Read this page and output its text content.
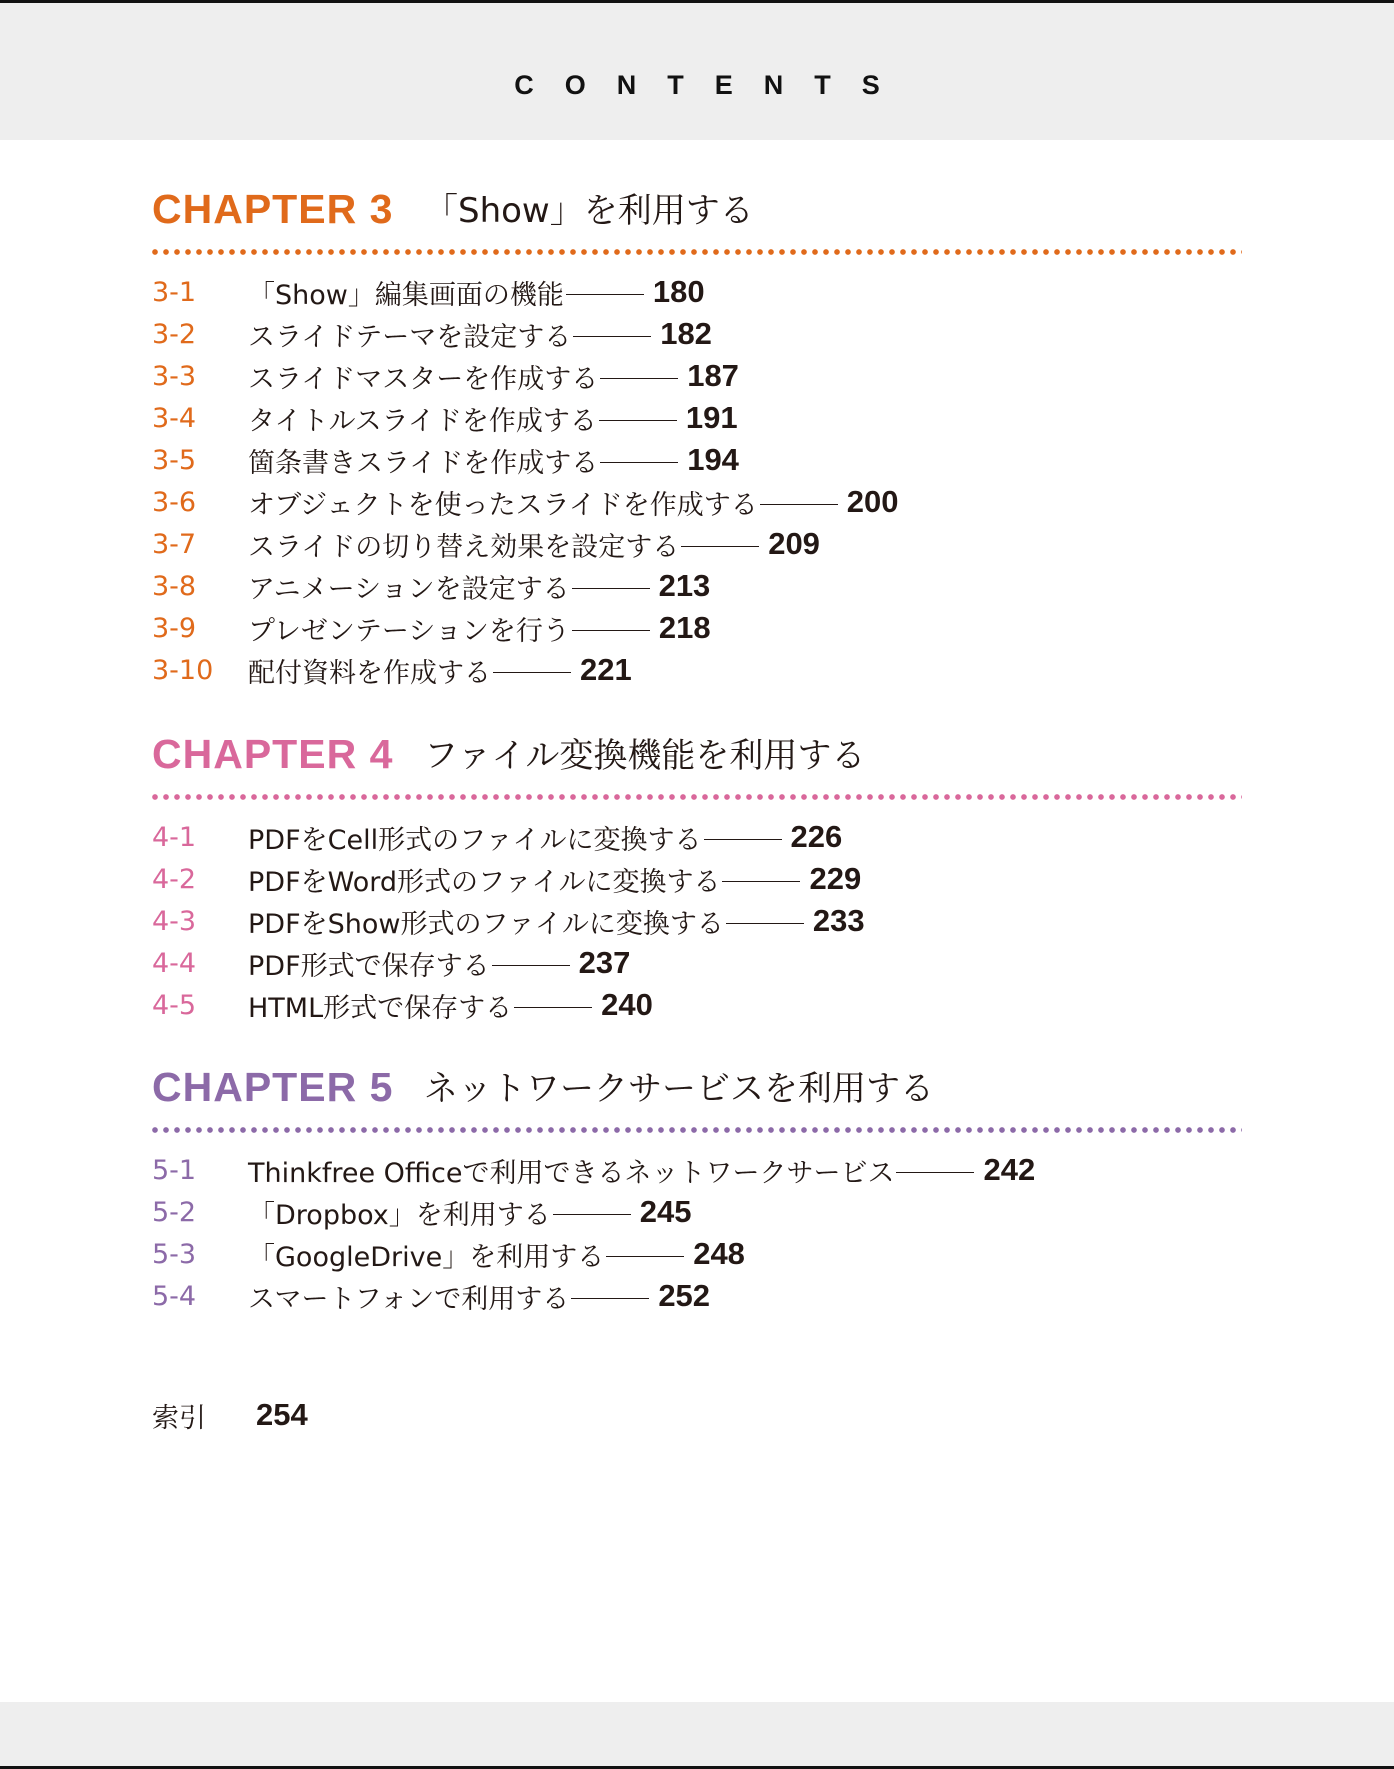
CONTENTS
CHAPTER 3 「Show」を利用する
3-1	「Show」編集画面の機能	180
3-2	スライドテーマを設定する	182
3-3	スライドマスターを作成する	187
3-4	タイトルスライドを作成する	191
3-5	箇条書きスライドを作成する	194
3-6	オブジェクトを使ったスライドを作成する	200
3-7	スライドの切り替え効果を設定する	209
3-8	アニメーションを設定する	213
3-9	プレゼンテーションを行う	218
3-10	配付資料を作成する	221
CHAPTER 4 ファイル変換機能を利用する
4-1	PDFをCell形式のファイルに変換する	226
4-2	PDFをWord形式のファイルに変換する	229
4-3	PDFをShow形式のファイルに変換する	233
4-4	PDF形式で保存する	237
4-5	HTML形式で保存する	240
CHAPTER 5 ネットワークサービスを利用する
5-1	Thinkfree Officeで利用できるネットワークサービス	242
5-2	「Dropbox」を利用する	245
5-3	「GoogleDrive」を利用する	248
5-4	スマートフォンで利用する	252
索引	254
